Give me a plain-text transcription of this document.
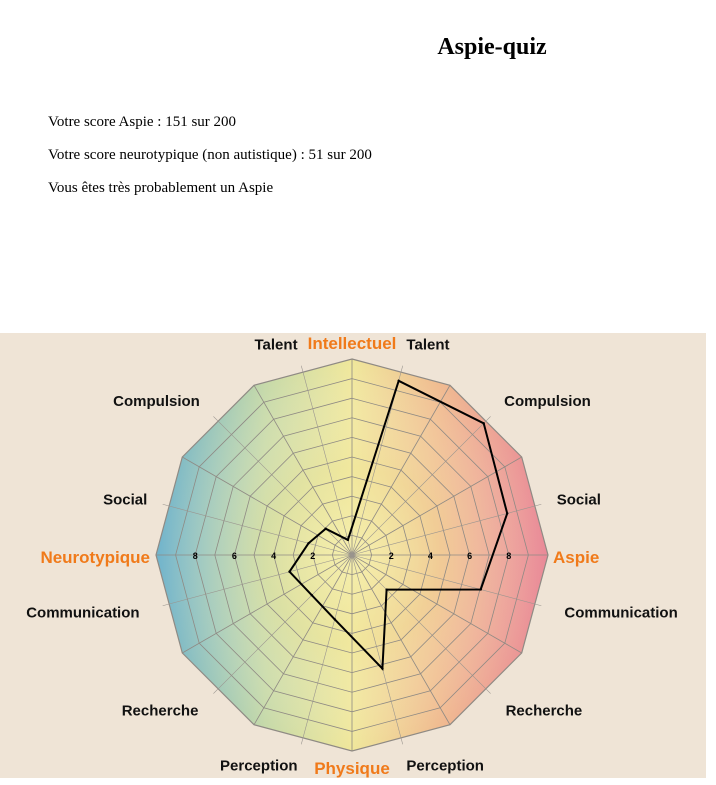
Aspie-quiz
Votre score Aspie : 151 sur 200
Votre score neurotypique (non autistique) : 51 sur 200
Vous êtes très probablement un Aspie
2
2	4
4	6
6	8
8
Talent
Compulsion
Social
Communication
Recherche
Perception
Perception
Recherche
Communication
Social
Compulsion
Talent Intellectuel
Physique
Neurotypique	Aspie
